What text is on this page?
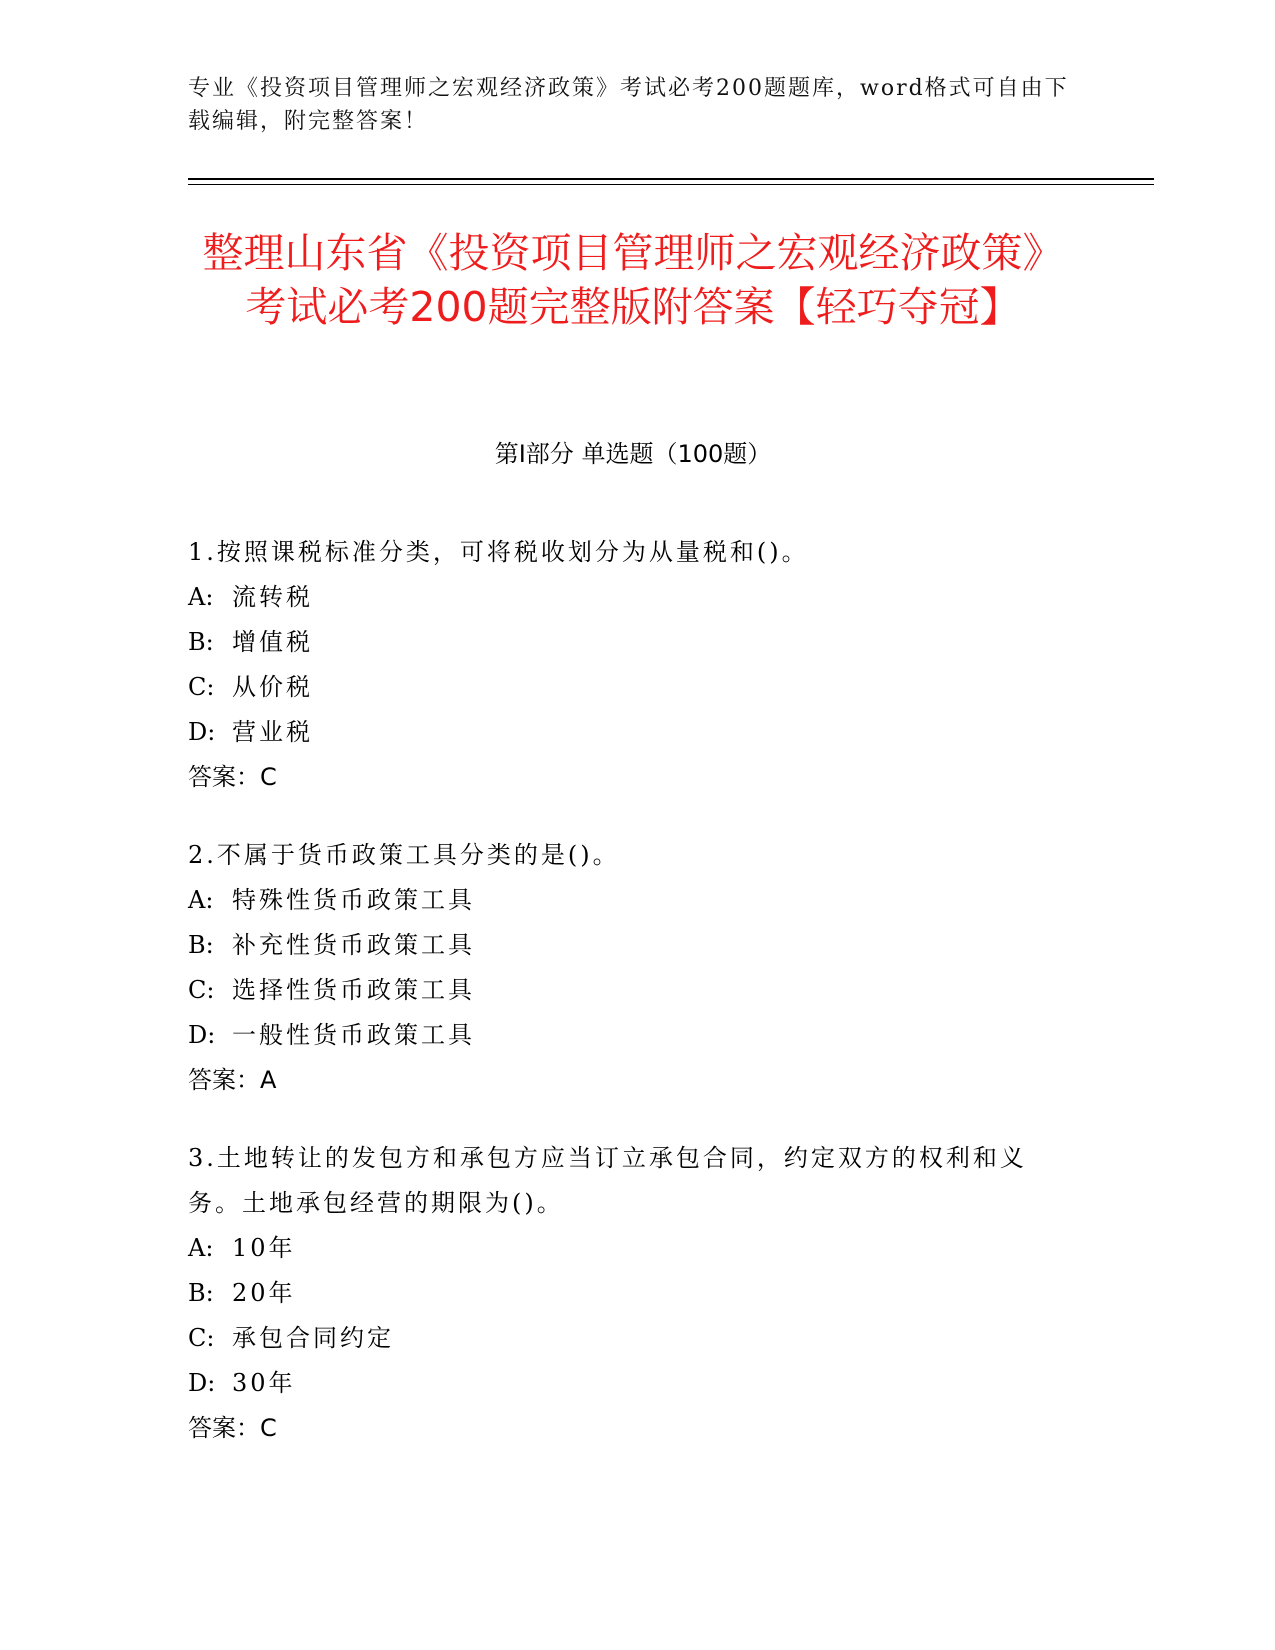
专业《投资项目管理师之宏观经济政策》考试必考200题题库，word格式可自由下载编辑，附完整答案！

整理山东省《投资项目管理师之宏观经济政策》考试必考200题完整版附答案【轻巧夺冠】
第I部分 单选题（100题）

1.按照课税标准分类，可将税收划分为从量税和()。

A: 流转税

B: 增值税

C: 从价税

D: 营业税

答案：C

2.不属于货币政策工具分类的是()。

A: 特殊性货币政策工具

B: 补充性货币政策工具

C: 选择性货币政策工具

D: 一般性货币政策工具

答案：A

3.土地转让的发包方和承包方应当订立承包合同，约定双方的权利和义务。土地承包经营的期限为()。

A: 10年

B: 20年

C: 承包合同约定

D: 30年

答案：C
